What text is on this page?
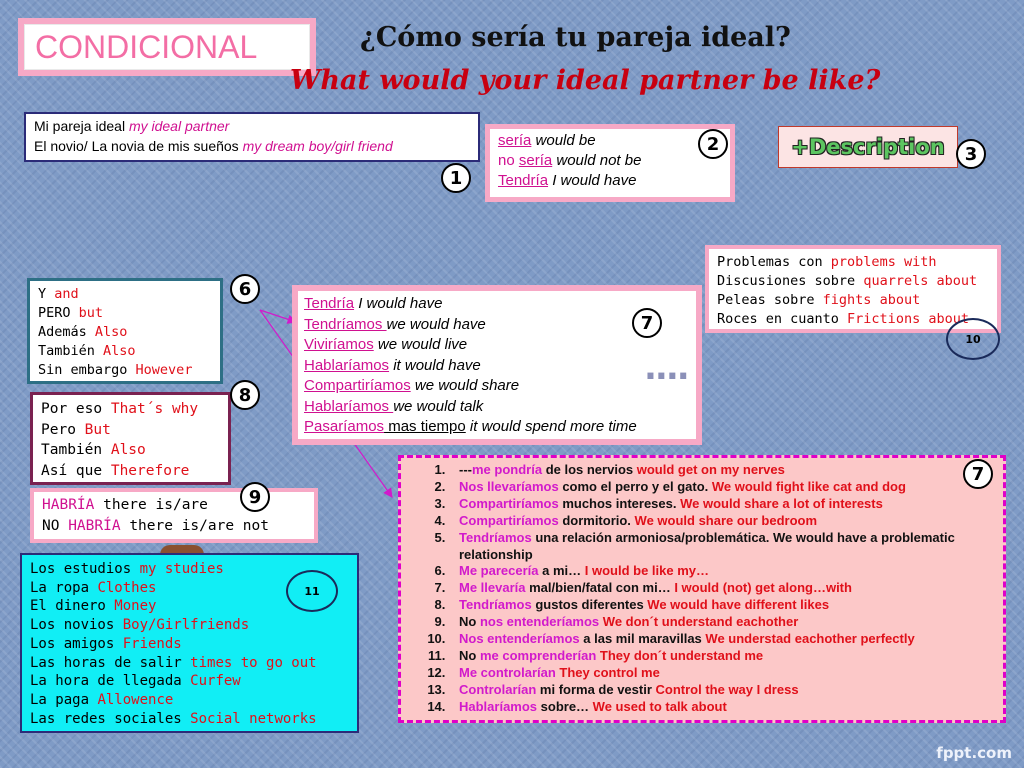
CONDICIONAL	¿Cómo sería tu pareja ideal?
What would your ideal partner be like?
Mi pareja ideal my ideal partner
El novio/ La novia de mis sueños my dream boy/girl friend
1
sería would be
no sería would not be
Tendría I would have
2	+Description	3
Problemas con problems with
Discusiones sobre quarrels about
Peleas sobre fights about
Roces en cuanto Frictions about
10
Y and
PERO but
Además Also
También Also
Sin embargo However
6
Por eso That´s why
Pero But
También Also
Así que Therefore
8
HABRÍA there is/are
NO HABRÍA there is/are not
9
Tendría I would have
Tendríamos we would have
Viviríamos we would live
Hablaríamos it would have
Compartiríamos we would share
Hablaríamos we would talk
Pasaríamos mas tiempo it would spend more time
7
....
Los estudios my studies
La ropa Clothes
El dinero Money
Los novios Boy/Girlfriends
Los amigos Friends
Las horas de salir times to go out
La hora de llegada Curfew
La paga Allowence
Las redes sociales Social networks
11
1. ---me pondría de los nervios would get on my nerves
2. Nos llevaríamos como el perro y el gato. We would fight like cat and dog
3. Compartiríamos muchos intereses. We would share a lot of interests
4. Compartiríamos dormitorio. We would share our bedroom
5. Tendríamos una relación armoniosa/problemática. We would have a problematic relationship
6. Me parecería a mi… I would be like my…
7. Me llevaría mal/bien/fatal con mi… I would (not) get along…with
8. Tendríamos gustos diferentes We would have different likes
9. No nos entenderíamos We don´t understand eachother
10. Nos entenderíamos a las mil maravillas We understad eachother perfectly
11. No me comprenderían They don´t understand me
12. Me controlarían They control me
13. Controlarían mi forma de vestir Control the way I dress
14. Hablaríamos sobre… We used to talk about
7
fppt.com
